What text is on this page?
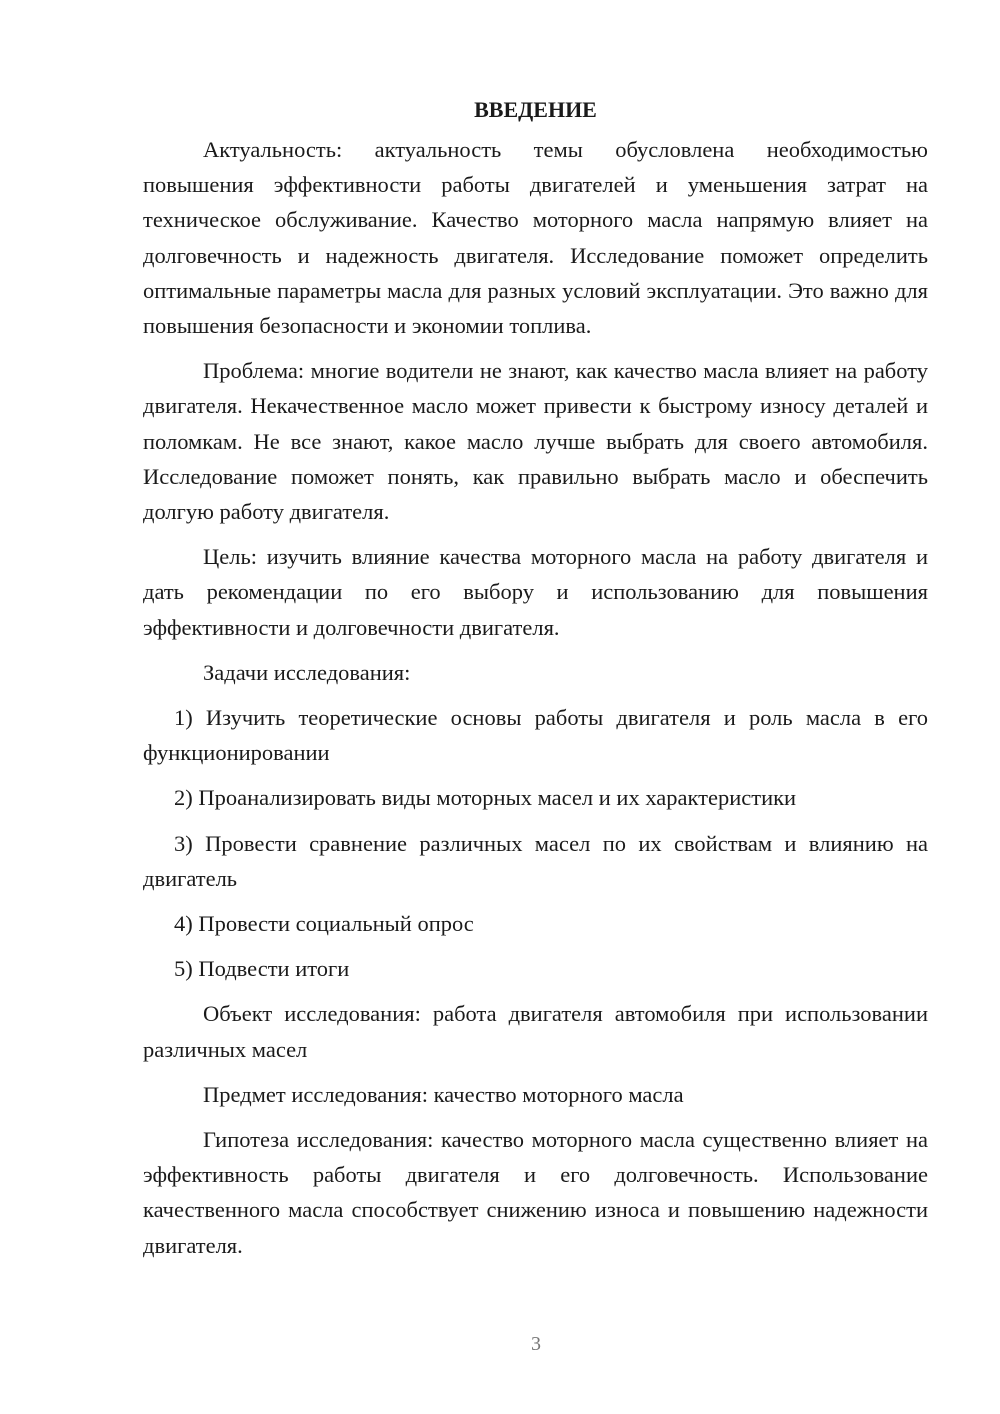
ВВЕДЕНИЕ

Актуальность: актуальность темы обусловлена необходимостью повышения эффективности работы двигателей и уменьшения затрат на техническое обслуживание. Качество моторного масла напрямую влияет на долговечность и надежность двигателя. Исследование поможет определить оптимальные параметры масла для разных условий эксплуатации. Это важно для повышения безопасности и экономии топлива.

Проблема: многие водители не знают, как качество масла влияет на работу двигателя. Некачественное масло может привести к быстрому износу деталей и поломкам. Не все знают, какое масло лучше выбрать для своего автомобиля. Исследование поможет понять, как правильно выбрать масло и обеспечить долгую работу двигателя.

Цель: изучить влияние качества моторного масла на работу двигателя и дать рекомендации по его выбору и использованию для повышения эффективности и долговечности двигателя.

Задачи исследования:

1) Изучить теоретические основы работы двигателя и роль масла в его функционировании

2) Проанализировать виды моторных масел и их характеристики

3) Провести сравнение различных масел по их свойствам и влиянию на двигатель

4) Провести социальный опрос

5) Подвести итоги

Объект исследования: работа двигателя автомобиля при использовании различных масел

Предмет исследования: качество моторного масла

Гипотеза исследования: качество моторного масла существенно влияет на эффективность работы двигателя и его долговечность. Использование качественного масла способствует снижению износа и повышению надежности двигателя.

3
